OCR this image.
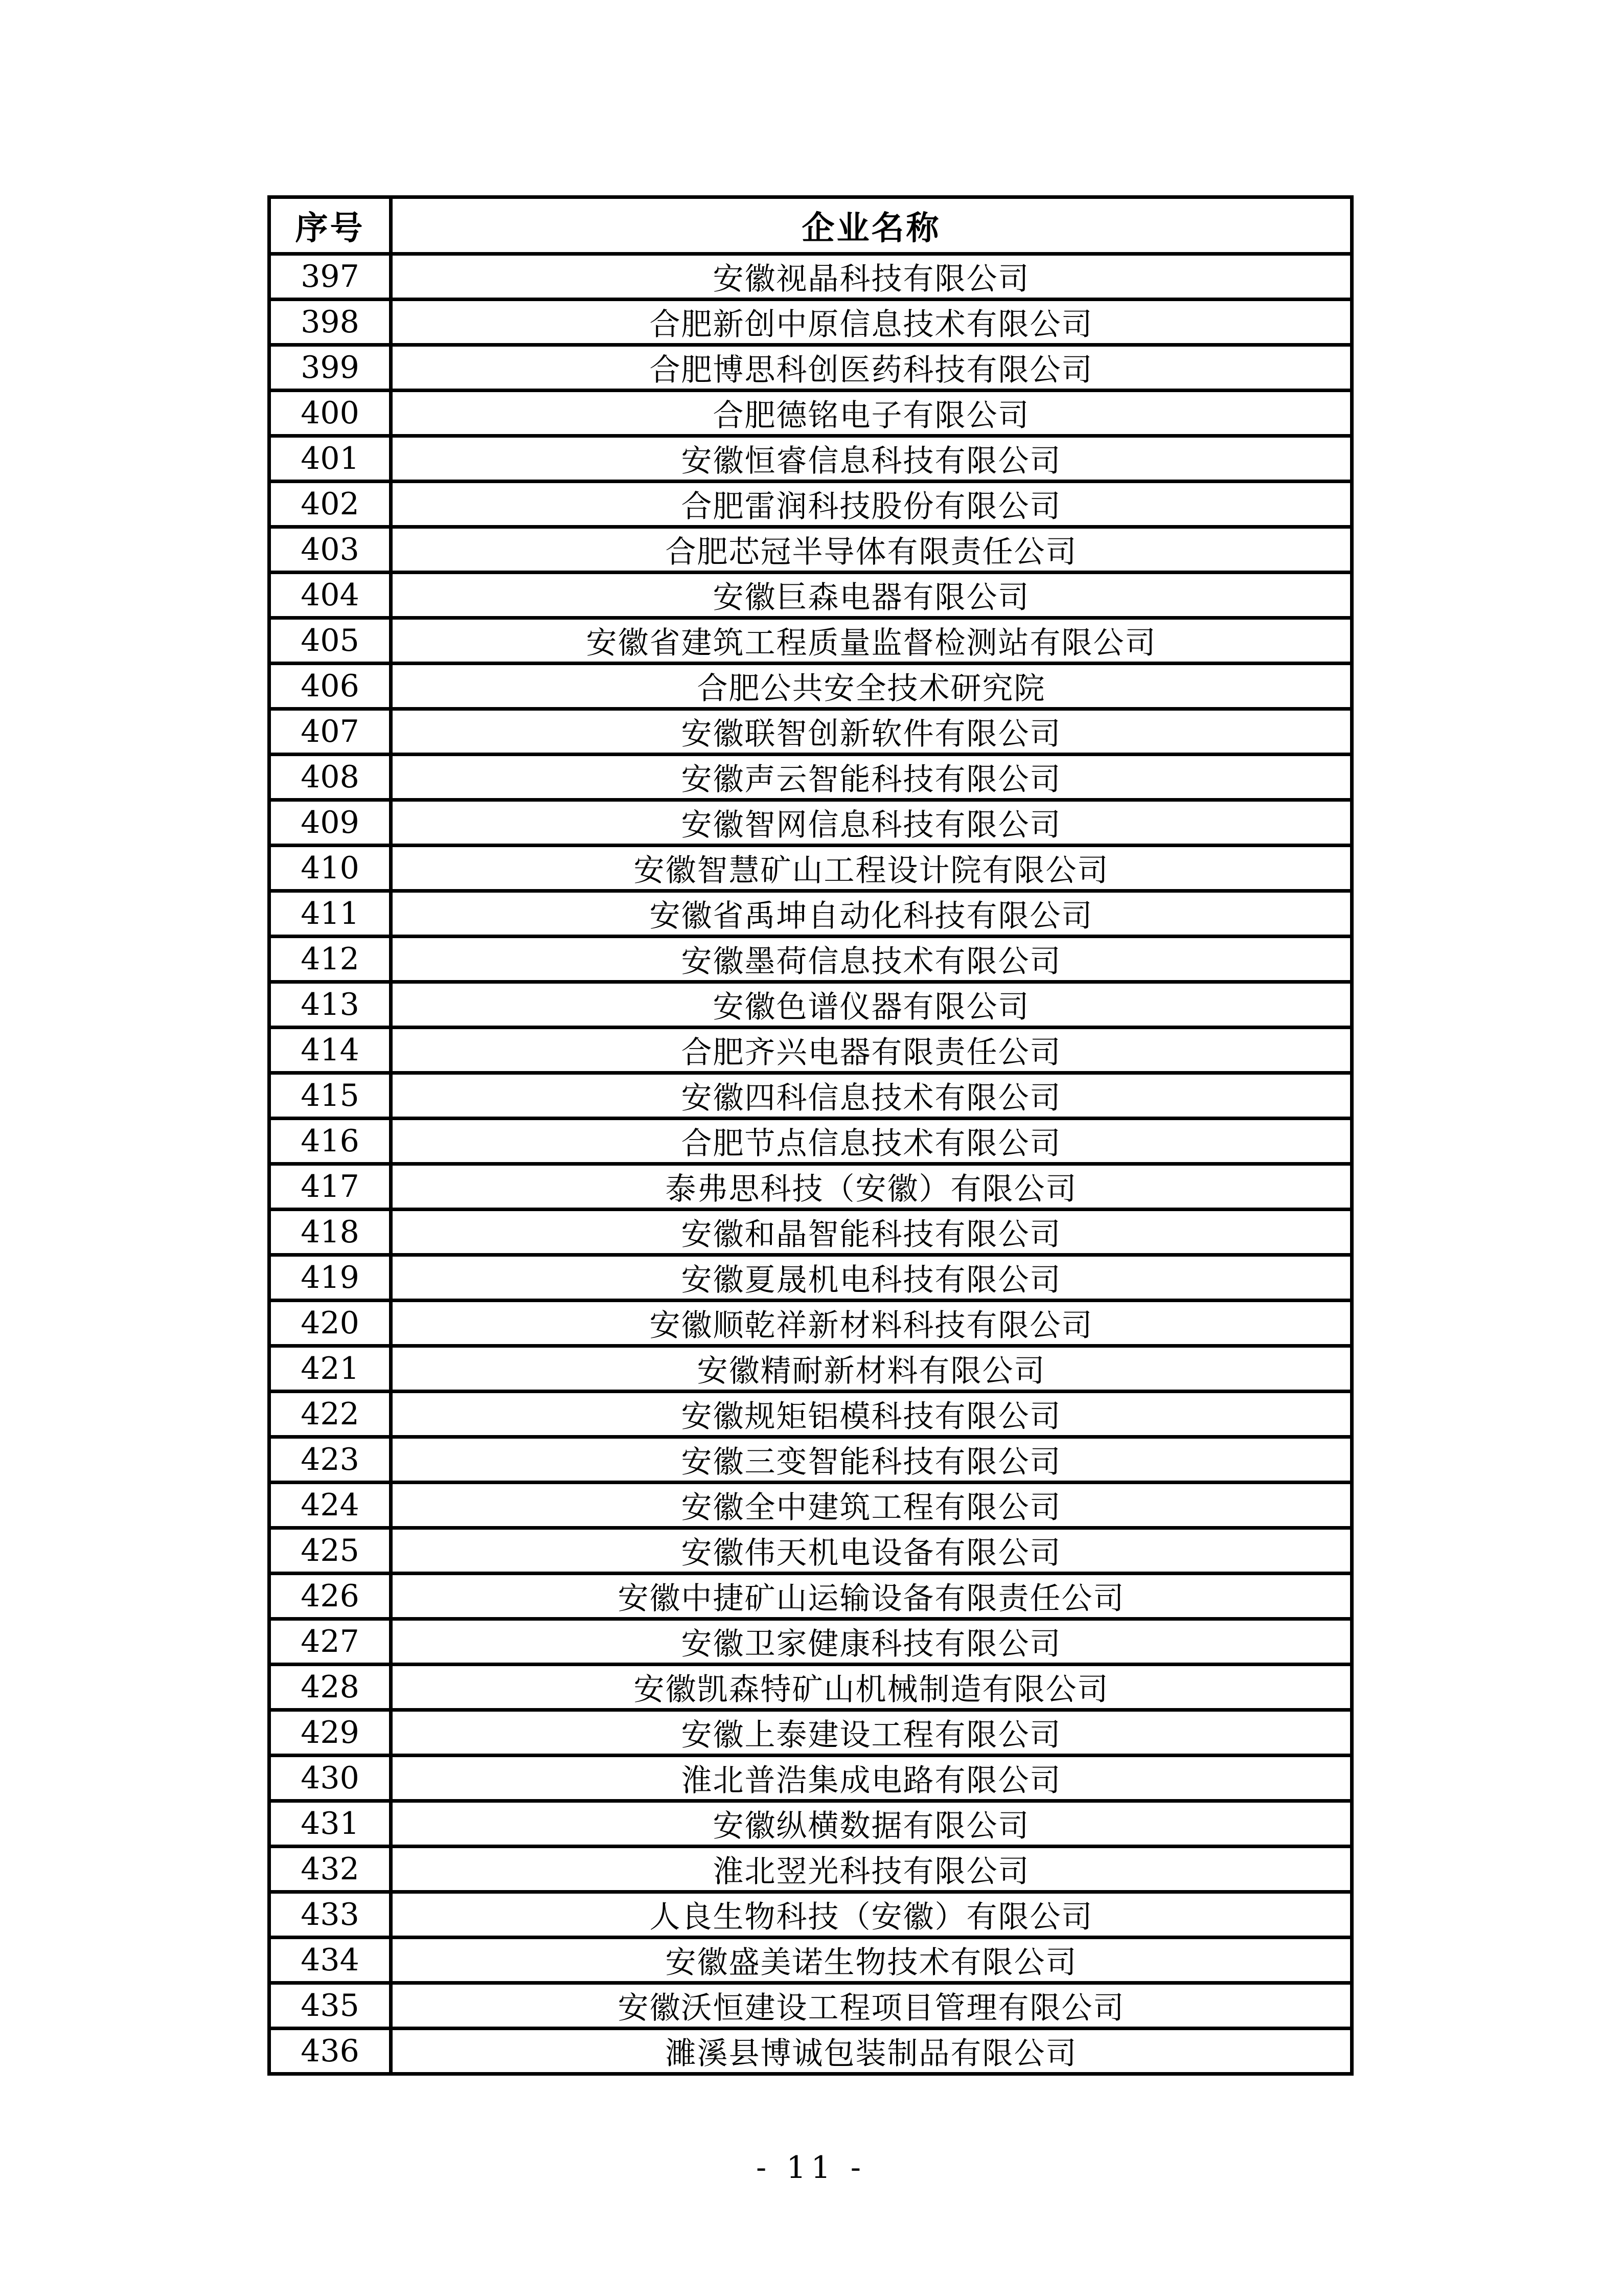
序号	企业名称
397	安徽视晶科技有限公司
398	合肥新创中原信息技术有限公司
399	合肥博思科创医药科技有限公司
400	合肥德铭电子有限公司
401	安徽恒睿信息科技有限公司
402	合肥雷润科技股份有限公司
403	合肥芯冠半导体有限责任公司
404	安徽巨森电器有限公司
405	安徽省建筑工程质量监督检测站有限公司
406	合肥公共安全技术研究院
407	安徽联智创新软件有限公司
408	安徽声云智能科技有限公司
409	安徽智网信息科技有限公司
410	安徽智慧矿山工程设计院有限公司
411	安徽省禹坤自动化科技有限公司
412	安徽墨荷信息技术有限公司
413	安徽色谱仪器有限公司
414	合肥齐兴电器有限责任公司
415	安徽四科信息技术有限公司
416	合肥节点信息技术有限公司
417	泰弗思科技（安徽）有限公司
418	安徽和晶智能科技有限公司
419	安徽夏晟机电科技有限公司
420	安徽顺乾祥新材料科技有限公司
421	安徽精耐新材料有限公司
422	安徽规矩铝模科技有限公司
423	安徽三变智能科技有限公司
424	安徽全中建筑工程有限公司
425	安徽伟天机电设备有限公司
426	安徽中捷矿山运输设备有限责任公司
427	安徽卫家健康科技有限公司
428	安徽凯森特矿山机械制造有限公司
429	安徽上泰建设工程有限公司
430	淮北普浩集成电路有限公司
431	安徽纵横数据有限公司
432	淮北翌光科技有限公司
433	人良生物科技（安徽）有限公司
434	安徽盛美诺生物技术有限公司
435	安徽沃恒建设工程项目管理有限公司
436	濉溪县博诚包装制品有限公司
- 11 -
